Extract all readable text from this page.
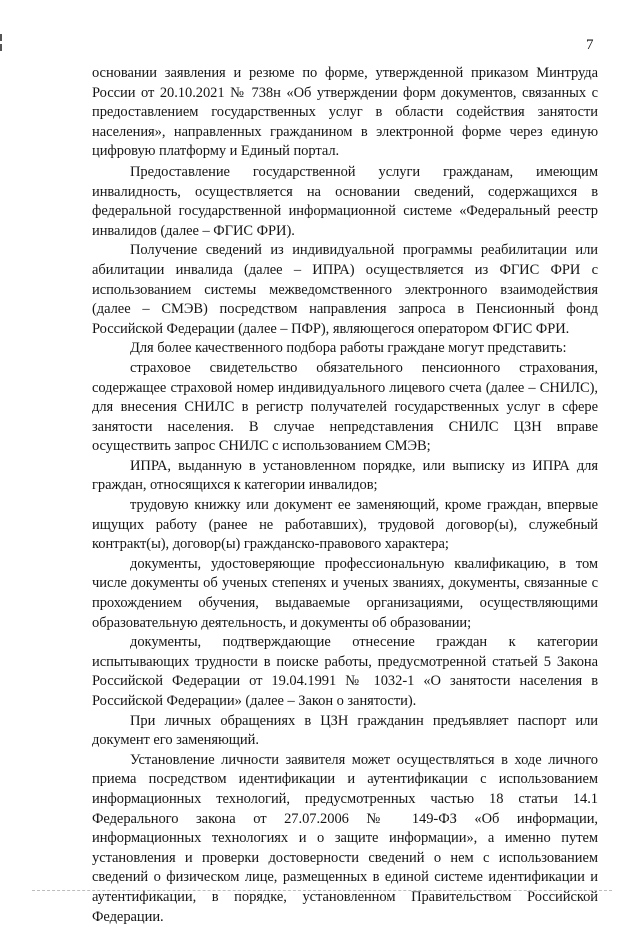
7

основании заявления и резюме по форме, утвержденной приказом Минтруда России от 20.10.2021 № 738н «Об утверждении форм документов, связанных с предоставлением государственных услуг в области содействия занятости населения», направленных гражданином в электронной форме через единую цифровую платформу и Единый портал.

Предоставление государственной услуги гражданам, имеющим инвалидность, осуществляется на основании сведений, содержащихся в федеральной государственной информационной системе «Федеральный реестр инвалидов (далее – ФГИС ФРИ).

Получение сведений из индивидуальной программы реабилитации или абилитации инвалида (далее – ИПРА) осуществляется из ФГИС ФРИ с использованием системы межведомственного электронного взаимодействия (далее – СМЭВ) посредством направления запроса в Пенсионный фонд Российской Федерации (далее – ПФР), являющегося оператором ФГИС ФРИ.

Для более качественного подбора работы граждане могут представить:

страховое свидетельство обязательного пенсионного страхования, содержащее страховой номер индивидуального лицевого счета (далее – СНИЛС), для внесения СНИЛС в регистр получателей государственных услуг в сфере занятости населения. В случае непредставления СНИЛС ЦЗН вправе осуществить запрос СНИЛС с использованием СМЭВ;

ИПРА, выданную в установленном порядке, или выписку из ИПРА для граждан, относящихся к категории инвалидов;

трудовую книжку или документ ее заменяющий, кроме граждан, впервые ищущих работу (ранее не работавших), трудовой договор(ы), служебный контракт(ы), договор(ы) гражданско-правового характера;

документы, удостоверяющие профессиональную квалификацию, в том числе документы об ученых степенях и ученых званиях, документы, связанные с прохождением обучения, выдаваемые организациями, осуществляющими образовательную деятельность, и документы об образовании;

документы, подтверждающие отнесение граждан к категории испытывающих трудности в поиске работы, предусмотренной статьей 5 Закона Российской Федерации от 19.04.1991 № 1032-1 «О занятости населения в Российской Федерации» (далее – Закон о занятости).

При личных обращениях в ЦЗН гражданин предъявляет паспорт или документ его заменяющий.

Установление личности заявителя может осуществляться в ходе личного приема посредством идентификации и аутентификации с использованием информационных технологий, предусмотренных частью 18 статьи 14.1 Федерального закона от 27.07.2006 № 149-ФЗ «Об информации, информационных технологиях и о защите информации», а именно путем установления и проверки достоверности сведений о нем с использованием сведений о физическом лице, размещенных в единой системе идентификации и аутентификации, в порядке, установленном Правительством Российской Федерации.
